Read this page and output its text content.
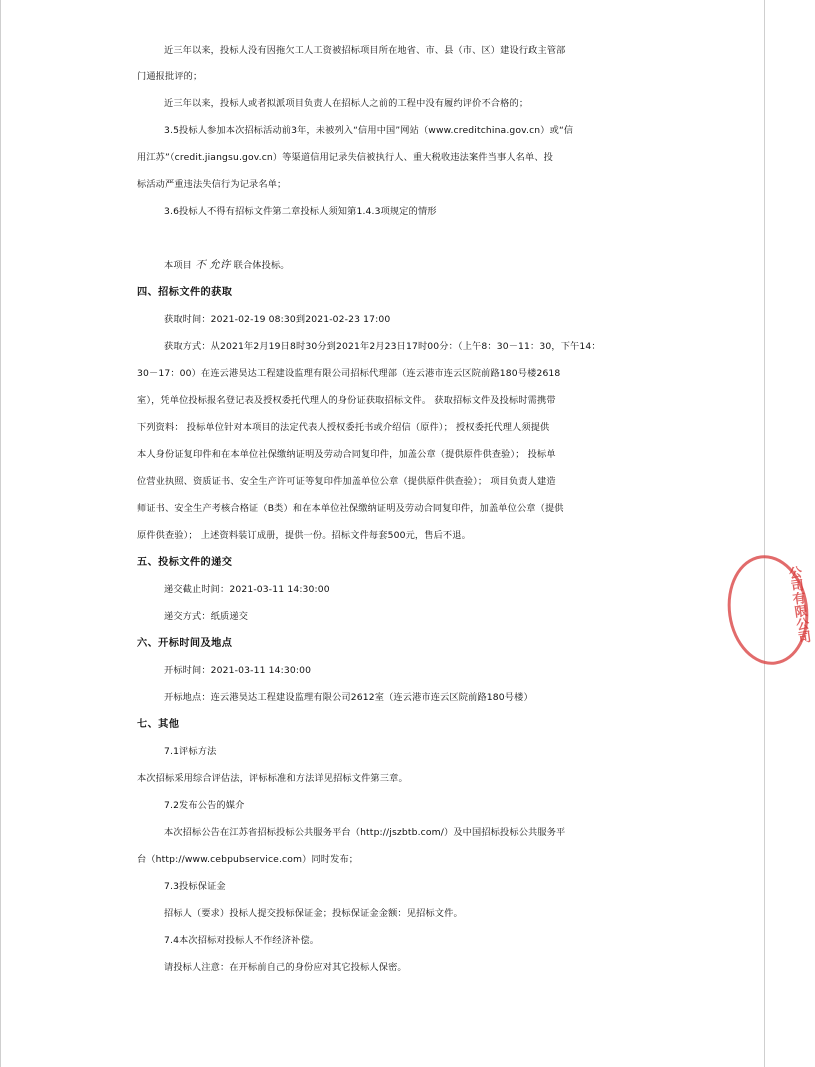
近三年以来，投标人没有因拖欠工人工资被招标项目所在地省、市、县（市、区）建设行政主管部
门通报批评的；
近三年以来，投标人或者拟派项目负责人在招标人之前的工程中没有履约评价不合格的；
3.5投标人参加本次招标活动前3年，未被列入“信用中国”网站（www.creditchina.gov.cn）或“信
用江苏”（credit.jiangsu.gov.cn）等渠道信用记录失信被执行人、重大税收违法案件当事人名单、投
标活动严重违法失信行为记录名单；
3.6投标人不得有招标文件第二章投标人须知第1.4.3项规定的情形
本项目 不 允许 联合体投标。
四、招标文件的获取
获取时间：2021-02-19 08:30到2021-02-23 17:00
获取方式：从2021年2月19日8时30分到2021年2月23日17时00分：（上午8：30－11：30，下午14：
30－17：00）在连云港昊达工程建设监理有限公司招标代理部（连云港市连云区院前路180号楼2618
室），凭单位投标报名登记表及授权委托代理人的身份证获取招标文件。 获取招标文件及投标时需携带
下列资料： 投标单位针对本项目的法定代表人授权委托书或介绍信（原件）； 授权委托代理人须提供
本人身份证复印件和在本单位社保缴纳证明及劳动合同复印件，加盖公章（提供原件供查验）； 投标单
位营业执照、资质证书、安全生产许可证等复印件加盖单位公章（提供原件供查验）； 项目负责人建造
师证书、安全生产考核合格证（B类）和在本单位社保缴纳证明及劳动合同复印件，加盖单位公章（提供
原件供查验）； 上述资料装订成册，提供一份。招标文件每套500元，售后不退。
五、投标文件的递交
递交截止时间：2021-03-11 14:30:00
递交方式：纸质递交
六、开标时间及地点
开标时间：2021-03-11 14:30:00
开标地点：连云港昊达工程建设监理有限公司2612室（连云港市连云区院前路180号楼）
七、其他
7.1评标方法
本次招标采用综合评估法，评标标准和方法详见招标文件第三章。
7.2发布公告的媒介
本次招标公告在江苏省招标投标公共服务平台（http://jszbtb.com/）及中国招标投标公共服务平
台（http://www.cebpubservice.com）同时发布；
7.3投标保证金
招标人（要求）投标人提交投标保证金；投标保证金金额：见招标文件。
7.4本次招标对投标人不作经济补偿。
请投标人注意：在开标前自己的身份应对其它投标人保密。
公司有限公司
